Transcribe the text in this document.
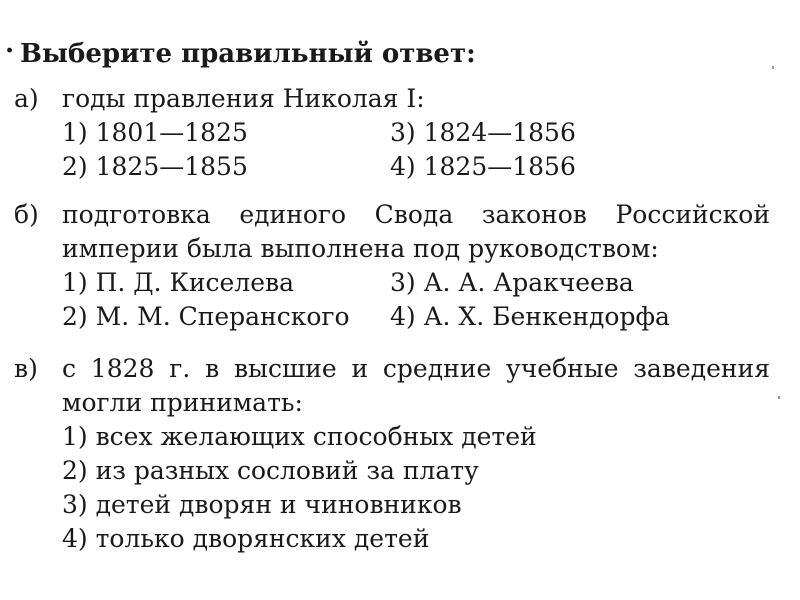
. Выберите правильный ответ:
а) годы правления Николая I:
1) 1801—1825	3) 1824—1856
2) 1825—1855	4) 1825—1856
б) подготовка единого Свода законов Российской
империи была выполнена под руководством:
1) П. Д. Киселева	3) А. А. Аракчеева
2) М. М. Сперанского	4) А. Х. Бенкендорфа
в) с 1828 г. в высшие и средние учебные заведения
могли принимать:
1) всех желающих способных детей
2) из разных сословий за плату
3) детей дворян и чиновников
4) только дворянских детей
